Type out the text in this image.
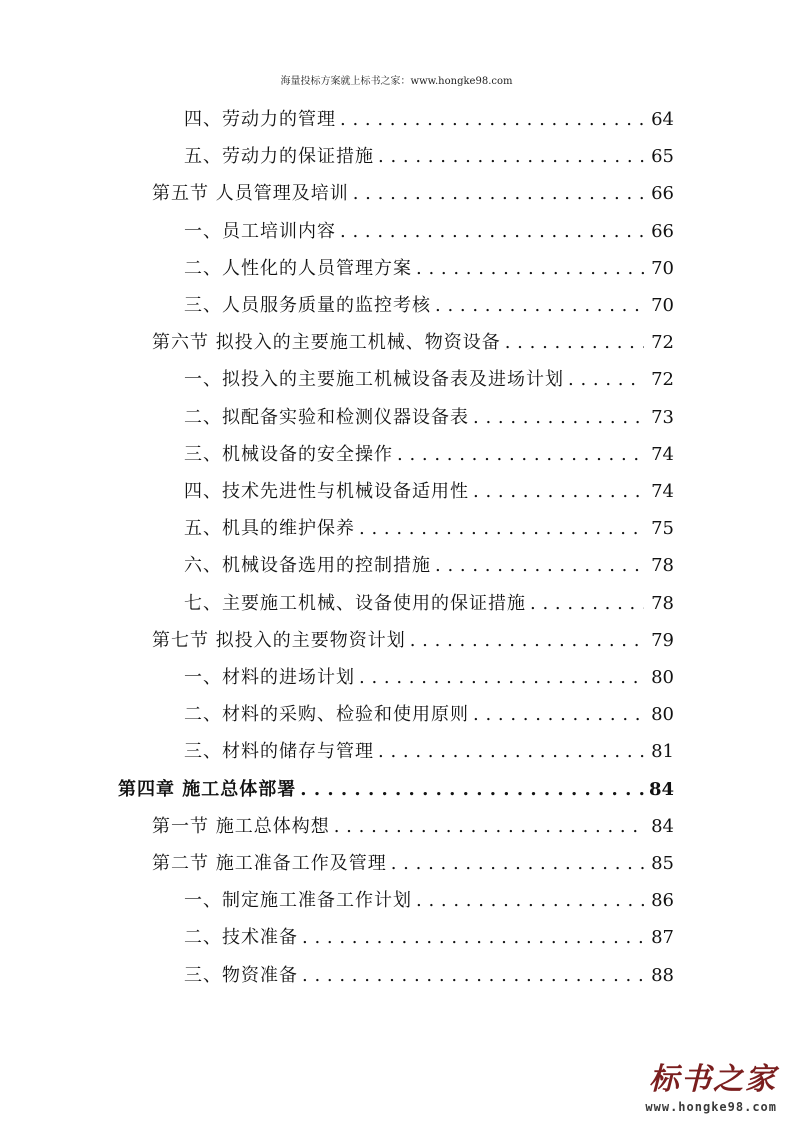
海量投标方案就上标书之家：www.hongke98.com
四、劳动力的管理 . . .	64
五、劳动力的保证措施 . . .	65
第五节 人员管理及培训 . . .	66
一、员工培训内容 . . .	66
二、人性化的人员管理方案 . . .	70
三、人员服务质量的监控考核 . . .	70
第六节 拟投入的主要施工机械、物资设备 . . .	72
一、拟投入的主要施工机械设备表及进场计划 . . .	72
二、拟配备实验和检测仪器设备表 . . .	73
三、机械设备的安全操作 . . .	74
四、技术先进性与机械设备适用性 . . .	74
五、机具的维护保养 . . .	75
六、机械设备选用的控制措施 . . .	78
七、主要施工机械、设备使用的保证措施 . . .	78
第七节 拟投入的主要物资计划 . . .	79
一、材料的进场计划 . . .	80
二、材料的采购、检验和使用原则 . . .	80
三、材料的储存与管理 . . .	81
第四章 施工总体部署 . . .	84
第一节 施工总体构想 . . .	84
第二节 施工准备工作及管理 . . .	85
一、制定施工准备工作计划 . . .	86
二、技术准备 . . .	87
三、物资准备 . . .	88
标书之家
www.hongke98.com
